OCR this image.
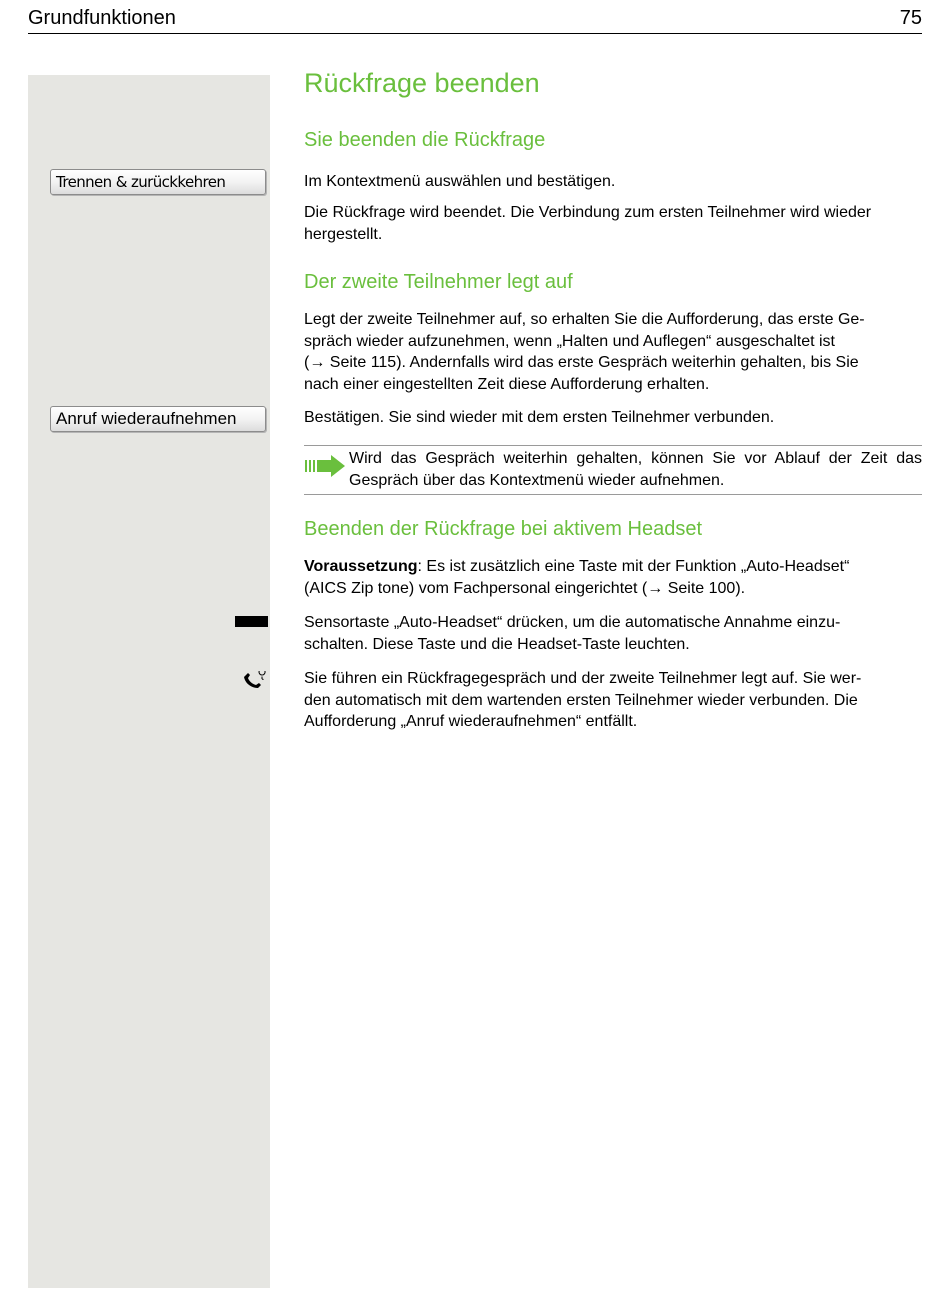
Grundfunktionen	75
Trennen & zurückkehren
Anruf wiederaufnehmen
Rückfrage beenden
Sie beenden die Rückfrage
Im Kontextmenü auswählen und bestätigen.
Die Rückfrage wird beendet. Die Verbindung zum ersten Teilnehmer wird wieder hergestellt.
Der zweite Teilnehmer legt auf
Legt der zweite Teilnehmer auf, so erhalten Sie die Aufforderung, das erste Ge-
spräch wieder aufzunehmen, wenn „Halten und Auflegen“ ausgeschaltet ist
(→ Seite 115). Andernfalls wird das erste Gespräch weiterhin gehalten, bis Sie
nach einer eingestellten Zeit diese Aufforderung erhalten.
Bestätigen. Sie sind wieder mit dem ersten Teilnehmer verbunden.
Wird das Gespräch weiterhin gehalten, können Sie vor Ablauf der Zeit das Gespräch über das Kontextmenü wieder aufnehmen.
Beenden der Rückfrage bei aktivem Headset
Voraussetzung: Es ist zusätzlich eine Taste mit der Funktion „Auto-Headset“
(AICS Zip tone) vom Fachpersonal eingerichtet (→ Seite 100).
Sensortaste „Auto-Headset“ drücken, um die automatische Annahme einzu-
schalten. Diese Taste und die Headset-Taste leuchten.
Sie führen ein Rückfragegespräch und der zweite Teilnehmer legt auf. Sie wer-
den automatisch mit dem wartenden ersten Teilnehmer wieder verbunden. Die
Aufforderung „Anruf wiederaufnehmen“ entfällt.
